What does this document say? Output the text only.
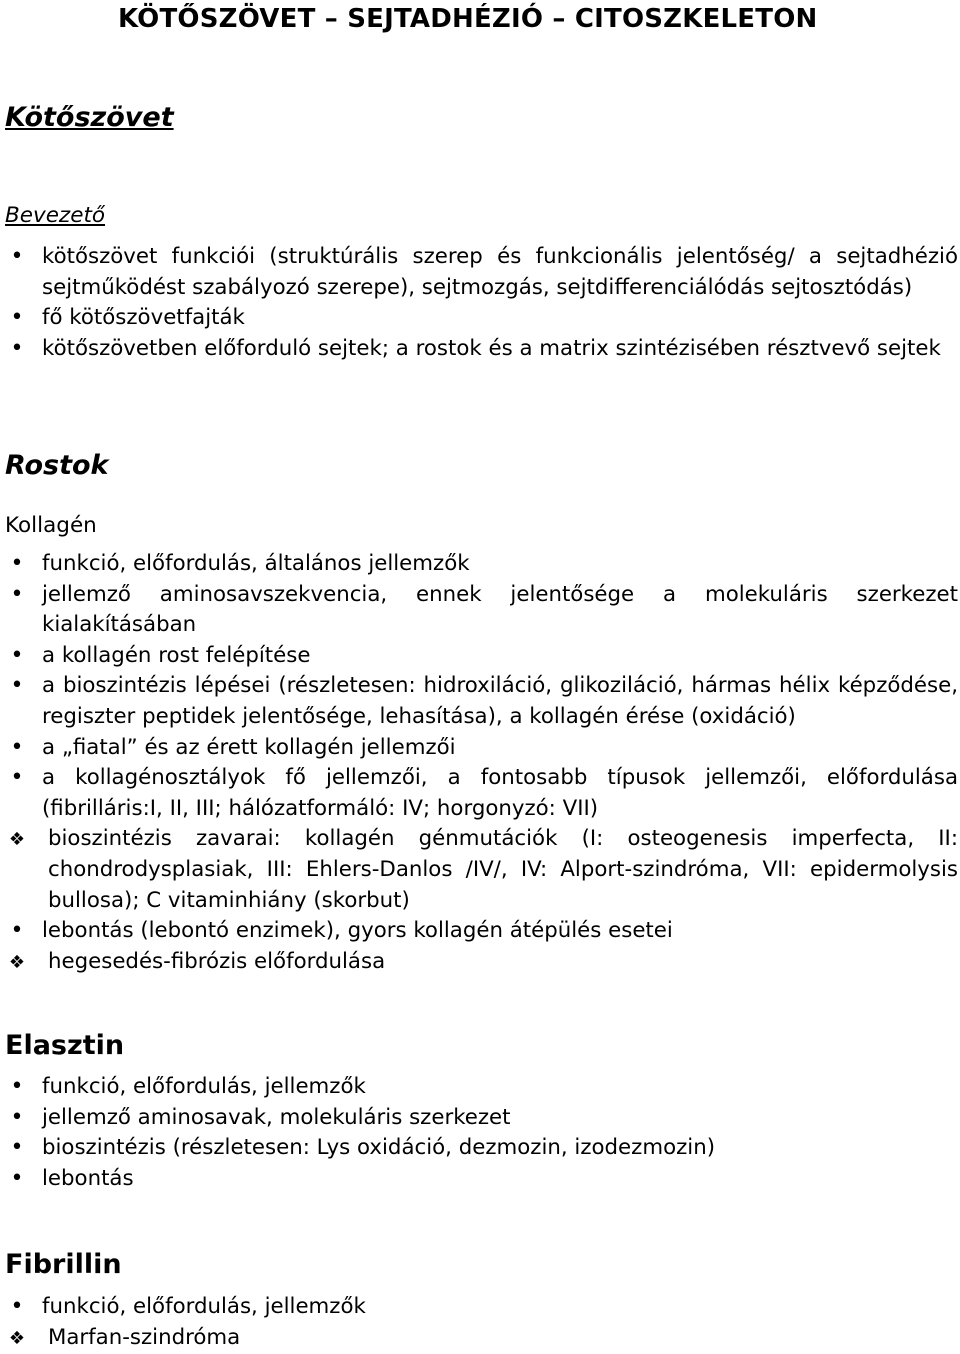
KÖTŐSZÖVET – SEJTADHÉZIÓ – CITOSZKELETON
Kötőszövet
Bevezető
•
kötőszövet funkciói (struktúrális szerep és funkcionális jelentőség/ a sejtadhézió sejtműködést szabályozó szerepe), sejtmozgás, sejtdifferenciálódás sejtosztódás)
•
fő kötőszövetfajták
•
kötőszövetben előforduló sejtek; a rostok és a matrix szintézisében résztvevő sejtek
Rostok
Kollagén
•
funkció, előfordulás, általános jellemzők
•
jellemző aminosavszekvencia, ennek jelentősége a molekuláris szerkezet kialakításában
•
a kollagén rost felépítése
•
a bioszintézis lépései (részletesen: hidroxiláció, glikoziláció, hármas hélix képződése, regiszter peptidek jelentősége, lehasítása), a kollagén érése (oxidáció)
•
a „fiatal” és az érett kollagén jellemzői
•
a kollagénosztályok fő jellemzői, a fontosabb típusok jellemzői, előfordulása (fibrilláris:I, II, III; hálózatformáló: IV; horgonyzó: VII)
❖
bioszintézis zavarai: kollagén génmutációk (I: osteogenesis imperfecta, II: chondrodysplasiak, III: Ehlers-Danlos /IV/, IV: Alport-szindróma, VII: epidermolysis bullosa); C vitaminhiány (skorbut)
•
lebontás (lebontó enzimek), gyors kollagén átépülés esetei
❖
hegesedés-fibrózis előfordulása
Elasztin
•
funkció, előfordulás, jellemzők
•
jellemző aminosavak, molekuláris szerkezet
•
bioszintézis (részletesen: Lys oxidáció, dezmozin, izodezmozin)
•
lebontás
Fibrillin
•
funkció, előfordulás, jellemzők
❖
Marfan-szindróma
